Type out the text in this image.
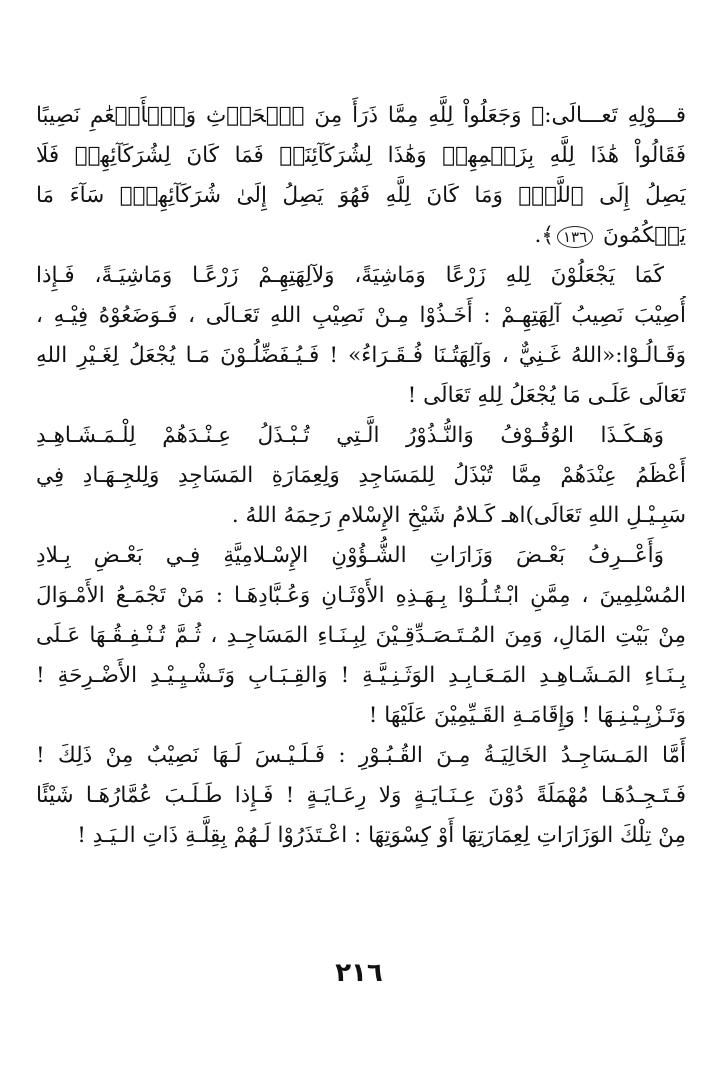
قـــوْلِهِ تَعـــالَى:﴿ وَجَعَلُواْ لِلَّهِ مِمَّا ذَرَأَ مِنَ ٱلۡحَرۡثِ وَٱلۡأَنۡعَٰمِ نَصِيبًا
فَقَالُواْ هَٰذَا لِلَّهِ بِزَعۡمِهِمۡ وَهَٰذَا لِشُرَكَآئِنَاۖ فَمَا كَانَ لِشُرَكَآئِهِمۡ فَلَا
يَصِلُ إِلَى ٱللَّهِۖ وَمَا كَانَ لِلَّهِ فَهُوَ يَصِلُ إِلَىٰ شُرَكَآئِهِمۡۗ سَآءَ مَا
يَحۡكُمُونَ ١٣٦﴾.
كَمَا يَجْعَلُوْنَ لِلهِ زَرْعًا وَمَاشِيَةً، وَلآلِهَتِهِـمْ زَرْعًـا وَمَاشِيَـةً، فَـإِذا
أُصِيْبَ نَصِيبُ آلِهَتِهِـمْ : أَخَـذُوْا مِـنْ نَصِيْبِ اللهِ تَعَـالَى ، فَـوَضَعُوْهُ فِيْـهِ ،
وَقَـالُـوْا:«اللهُ غَـنِيٌّ ، وَآلِهَتُـنَا فُـقَـرَاءُ» ! فَـيُـفَضِّلُـوْنَ مَـا يُجْعَلُ لِغَـيْرِ اللهِ
تَعَالَى عَلَـى مَا يُجْعَلُ لِلهِ تَعَالَى !
وَهَـكَـذَا الوُقُـوْفُ وَالنُّـذُوْرُ الَّـتِي تُـبْـذَلُ عِـنْـدَهُمْ لِلْـمَـشَـاهِـدِ
أَعْظَمُ عِنْدَهُمْ مِمَّا تُبْذَلُ لِلمَسَاجِدِ وَلِعِمَارَةِ المَسَاجِدِ وَلِلجِـهَـادِ فِي
سَبِـيْـلِ اللهِ تَعَالَى)اهـ كَـلامُ شَيْخِ الإِسْلامِ رَحِمَهُ اللهُ .
وَأَعْــرِفُ بَعْـضَ وَزَارَاتِ الشُّـؤُوْنِ الإِسْـلامِيَّةِ فِـي بَعْـضِ بِـلادِ
المُسْلِمِينَ ، مِمَّنِ ابْـتُـلُـوْا بِـهَـذِهِ الأَوْثَـانِ وَعُـبَّادِهَـا : مَنْ تَجْمَـعُ الأَمْـوَالَ
مِنْ بَيْتِ المَالِ، وَمِنَ المُـتَـصَـدِّقِـيْنَ لِبِـنَـاءِ المَسَاجِـدِ ، ثُـمَّ تُـنْـفِـقُـهَا عَـلَى
بِـنَـاءِ المَـشَـاهِـدِ المَـعَـابِـدِ الوَثَـنِـيَّـةِ ! وَالقِـبَـابِ وَتَـشْـيِـيْـدِ الأَضْـرِحَةِ !
وَتَـزْيِـيْـنِـهَا ! وَإِقَامَـةِ القَـيِّمِيْنَ عَلَيْهَا !
أَمَّا المَـسَاجِـدُ الخَالِيَـةُ مِـنَ القُـبُـوْرِ : فَـلَـيْـسَ لَـهَا نَصِيْبٌ مِنْ ذَلِكَ !
فَـتَـجِـدُهَـا مُهْمَلَةً دُوْنَ عِـنَـايَـةٍ وَلا رِعَـايَـةٍ ! فَـإِذا طَـلَـبَ عُمَّارُهَـا شَيْئًا
مِنْ تِلْكَ الوَزَارَاتِ لِعِمَارَتِهَا أَوْ كِسْوَتِهَا : اعْـتَذَرُوْا لَـهُمْ بِقِلَّـةِ ذَاتِ الـيَـدِ !
٢١٦
